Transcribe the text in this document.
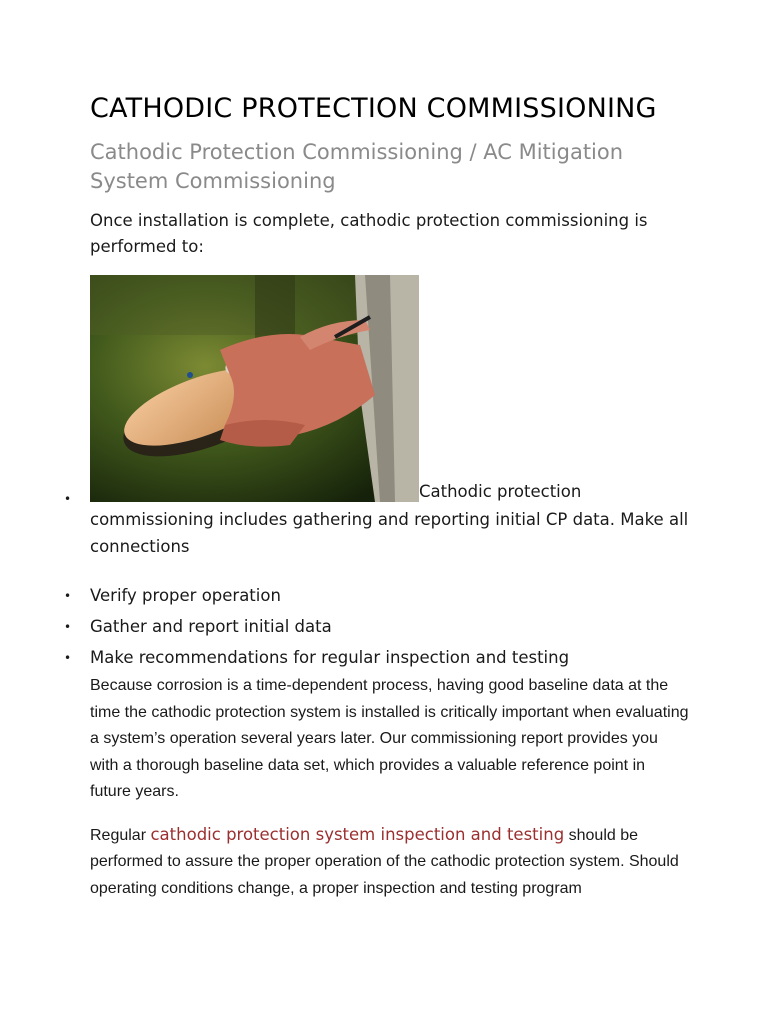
CATHODIC PROTECTION COMMISSIONING
Cathodic Protection Commissioning / AC Mitigation System Commissioning

Once installation is complete, cathodic protection commissioning is performed to:

•	Cathodic protection
commissioning includes gathering and reporting initial CP data. Make all connections
• Verify proper operation
• Gather and report initial data
• Make recommendations for regular inspection and testing

Because corrosion is a time-dependent process, having good baseline data at the time the cathodic protection system is installed is critically important when evaluating a system’s operation several years later. Our commissioning report provides you with a thorough baseline data set, which provides a valuable reference point in future years.

Regular cathodic protection system inspection and testing should be performed to assure the proper operation of the cathodic protection system. Should operating conditions change, a proper inspection and testing program
